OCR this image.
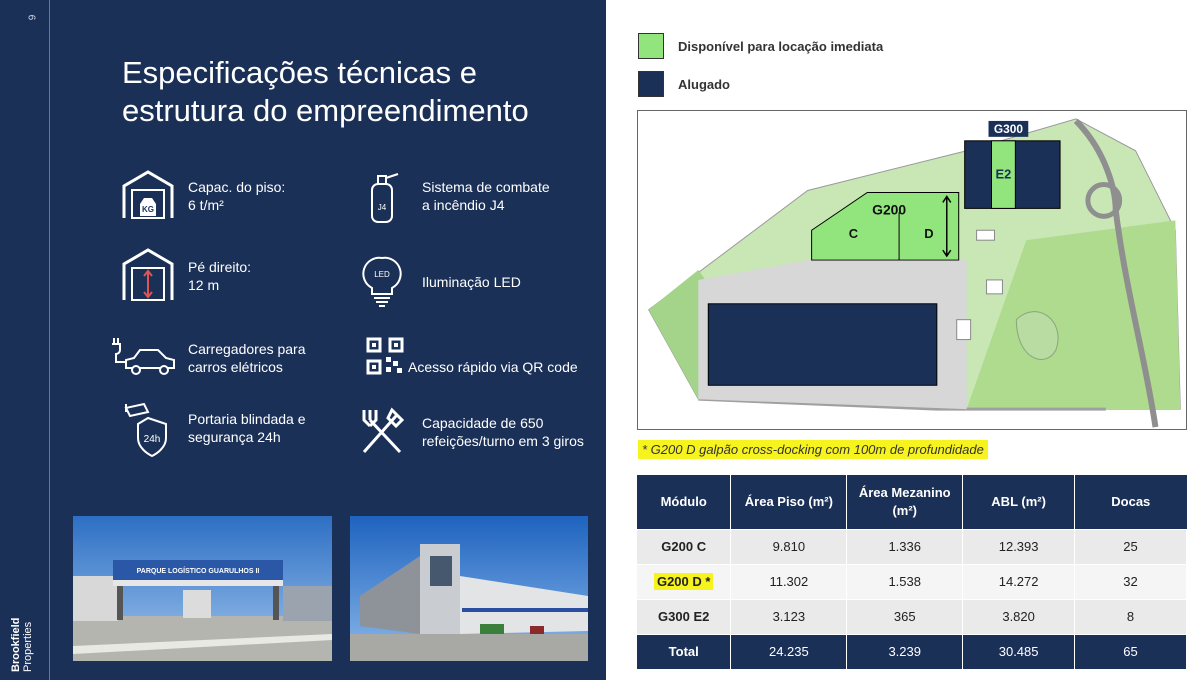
9
Brookfield Properties
Especificações técnicas e
estrutura do empreendimento
KG
Capac. do piso:
6 t/m²	J4
Sistema de combate
a incêndio J4
Pé direito:
12 m
LED Iluminação LED
Carregadores para
carros elétricos	Acesso rápido via QR code
24h
Portaria blindada e
segurança 24h
Capacidade de 650
refeições/turno em 3 giros
PARQUE LOGÍSTICO GUARULHOS II
Disponível para locação imediata
Alugado
G300
E2
G200
C	D
* G200 D galpão cross-docking com 100m de profundidade
Módulo	Área Piso (m²)	Área Mezanino (m²)	ABL (m²)	Docas
G200 C	9.810	1.336	12.393	25
G200 D *	11.302	1.538	14.272	32
G300 E2	3.123	365	3.820	8
Total	24.235	3.239	30.485	65
